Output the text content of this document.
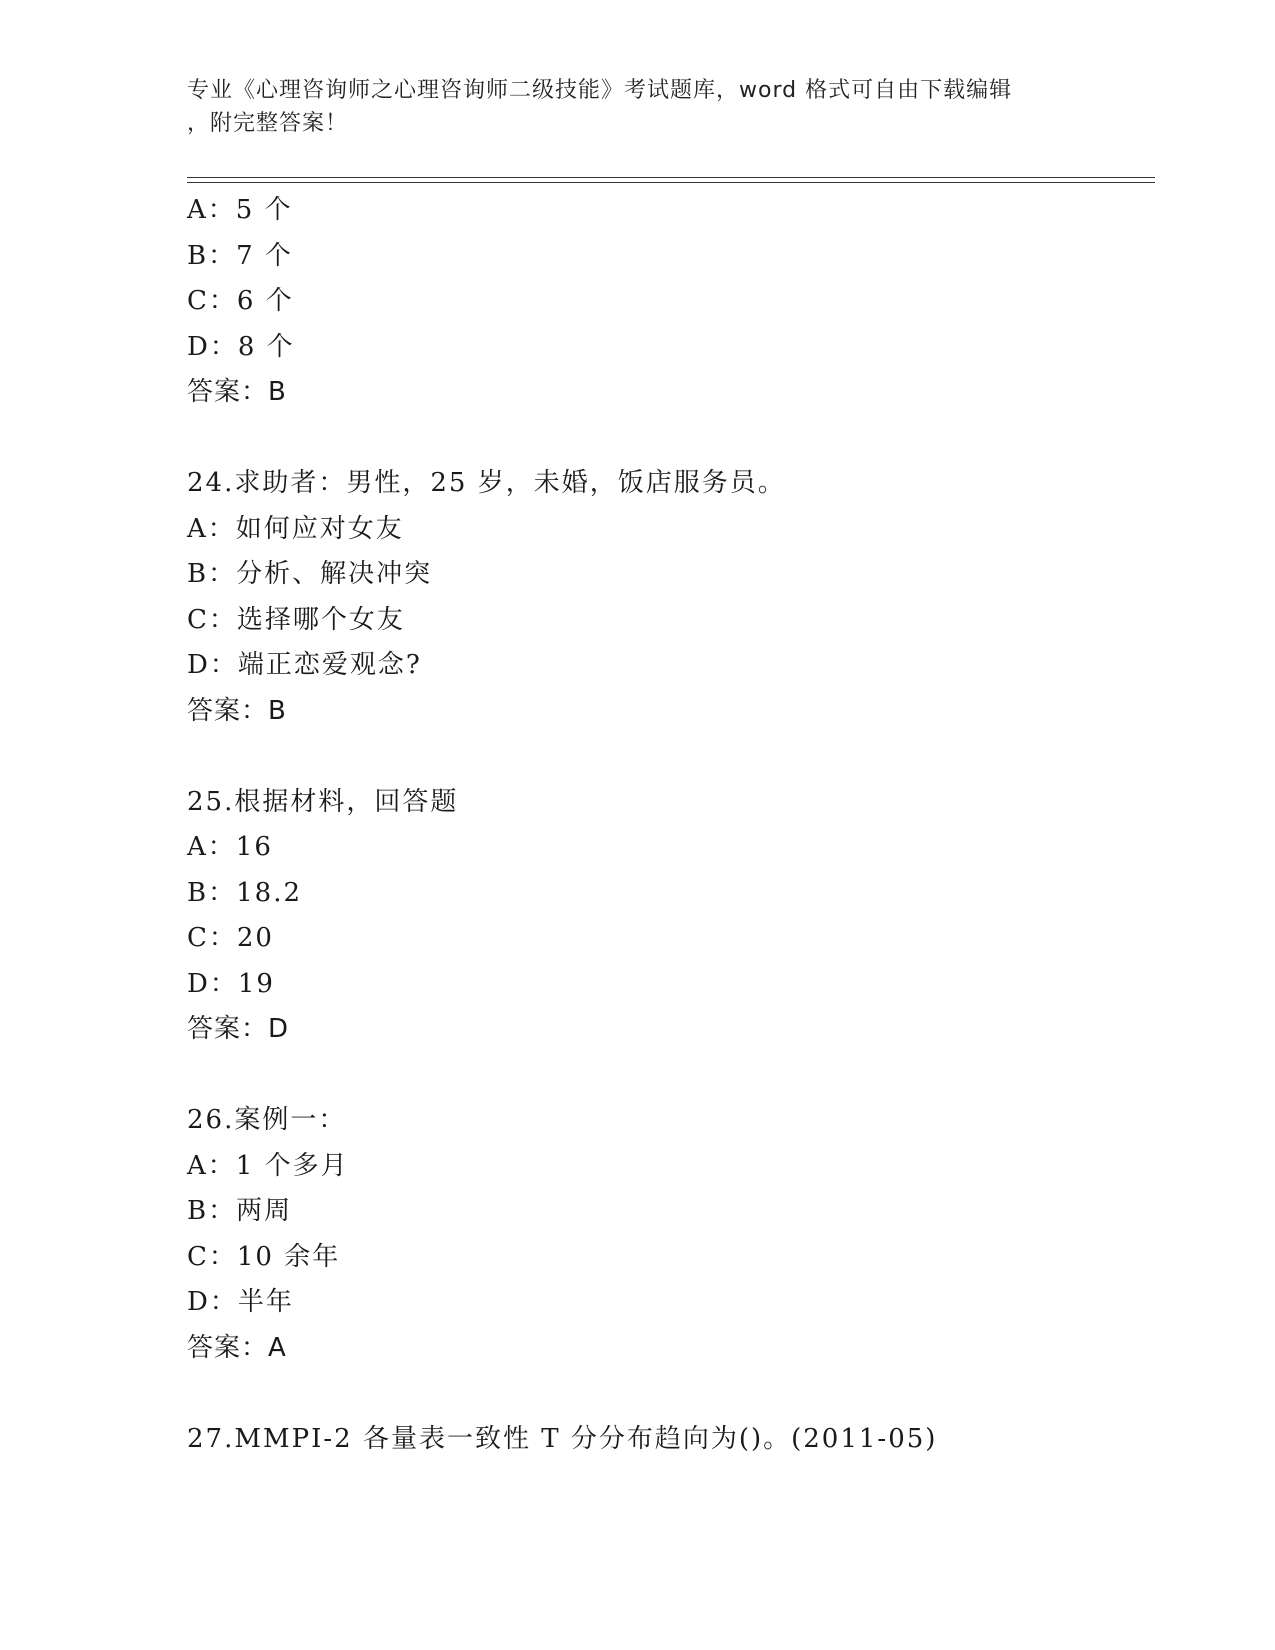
专业《心理咨询师之心理咨询师二级技能》考试题库，word 格式可自由下载编辑
，附完整答案！
A：5 个
B：7 个
C：6 个
D：8 个
答案：B
24.求助者：男性，25 岁，未婚，饭店服务员。
A：如何应对女友
B：分析、解决冲突
C：选择哪个女友
D：端正恋爱观念?
答案：B
25.根据材料，回答题
A：16
B：18.2
C：20
D：19
答案：D
26.案例一：
A：1 个多月
B：两周
C：10 余年
D：半年
答案：A
27.MMPI-2 各量表一致性 T 分分布趋向为()。(2011-05)
